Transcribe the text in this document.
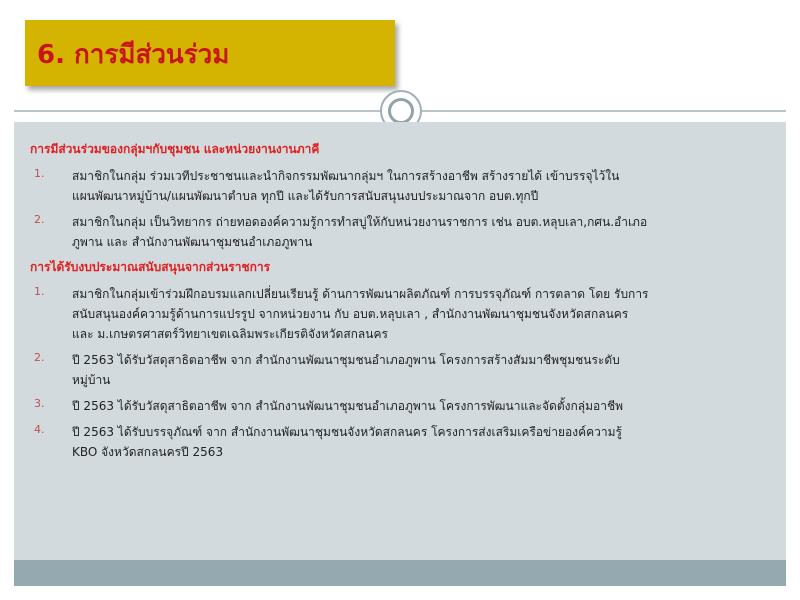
6. การมีส่วนร่วม
การมีส่วนร่วมของกลุ่มฯกับชุมชน และหน่วยงานงานภาคี
1. สมาชิกในกลุ่ม ร่วมเวทีประชาชนและนำกิจกรรมพัฒนากลุ่มฯ ในการสร้างอาชีพ สร้างรายได้ เข้าบรรจุไว้ใน
แผนพัฒนาหมู่บ้าน/แผนพัฒนาตำบล ทุกปี และได้รับการสนับสนุนงบประมาณจาก อบต.ทุกปี
2. สมาชิกในกลุ่ม เป็นวิทยากร ถ่ายทอดองค์ความรู้การทำสบู่ให้กับหน่วยงานราชการ เช่น อบต.หลุบเลา,กศน.อำเภอ
ภูพาน และ สำนักงานพัฒนาชุมชนอำเภอภูพาน
การได้รับงบประมาณสนับสนุนจากส่วนราชการ
1. สมาชิกในกลุ่มเข้าร่วมฝึกอบรมแลกเปลี่ยนเรียนรู้ ด้านการพัฒนาผลิตภัณฑ์ การบรรจุภัณฑ์ การตลาด โดย รับการ
สนับสนุนองค์ความรู้ด้านการแปรรูป จากหน่วยงาน กับ อบต.หลุบเลา , สำนักงานพัฒนาชุมชนจังหวัดสกลนคร
และ ม.เกษตรศาสตร์วิทยาเขตเฉลิมพระเกียรติจังหวัดสกลนคร
2. ปี 2563 ได้รับวัสดุสาธิตอาชีพ จาก สำนักงานพัฒนาชุมชนอำเภอภูพาน โครงการสร้างสัมมาชีพชุมชนระดับ
หมู่บ้าน
3. ปี 2563 ได้รับวัสดุสาธิตอาชีพ จาก สำนักงานพัฒนาชุมชนอำเภอภูพาน โครงการพัฒนาและจัดตั้งกลุ่มอาชีพ
4. ปี 2563 ได้รับบรรจุภัณฑ์ จาก สำนักงานพัฒนาชุมชนจังหวัดสกลนคร โครงการส่งเสริมเครือข่ายองค์ความรู้
KBO จังหวัดสกลนครปี 2563
